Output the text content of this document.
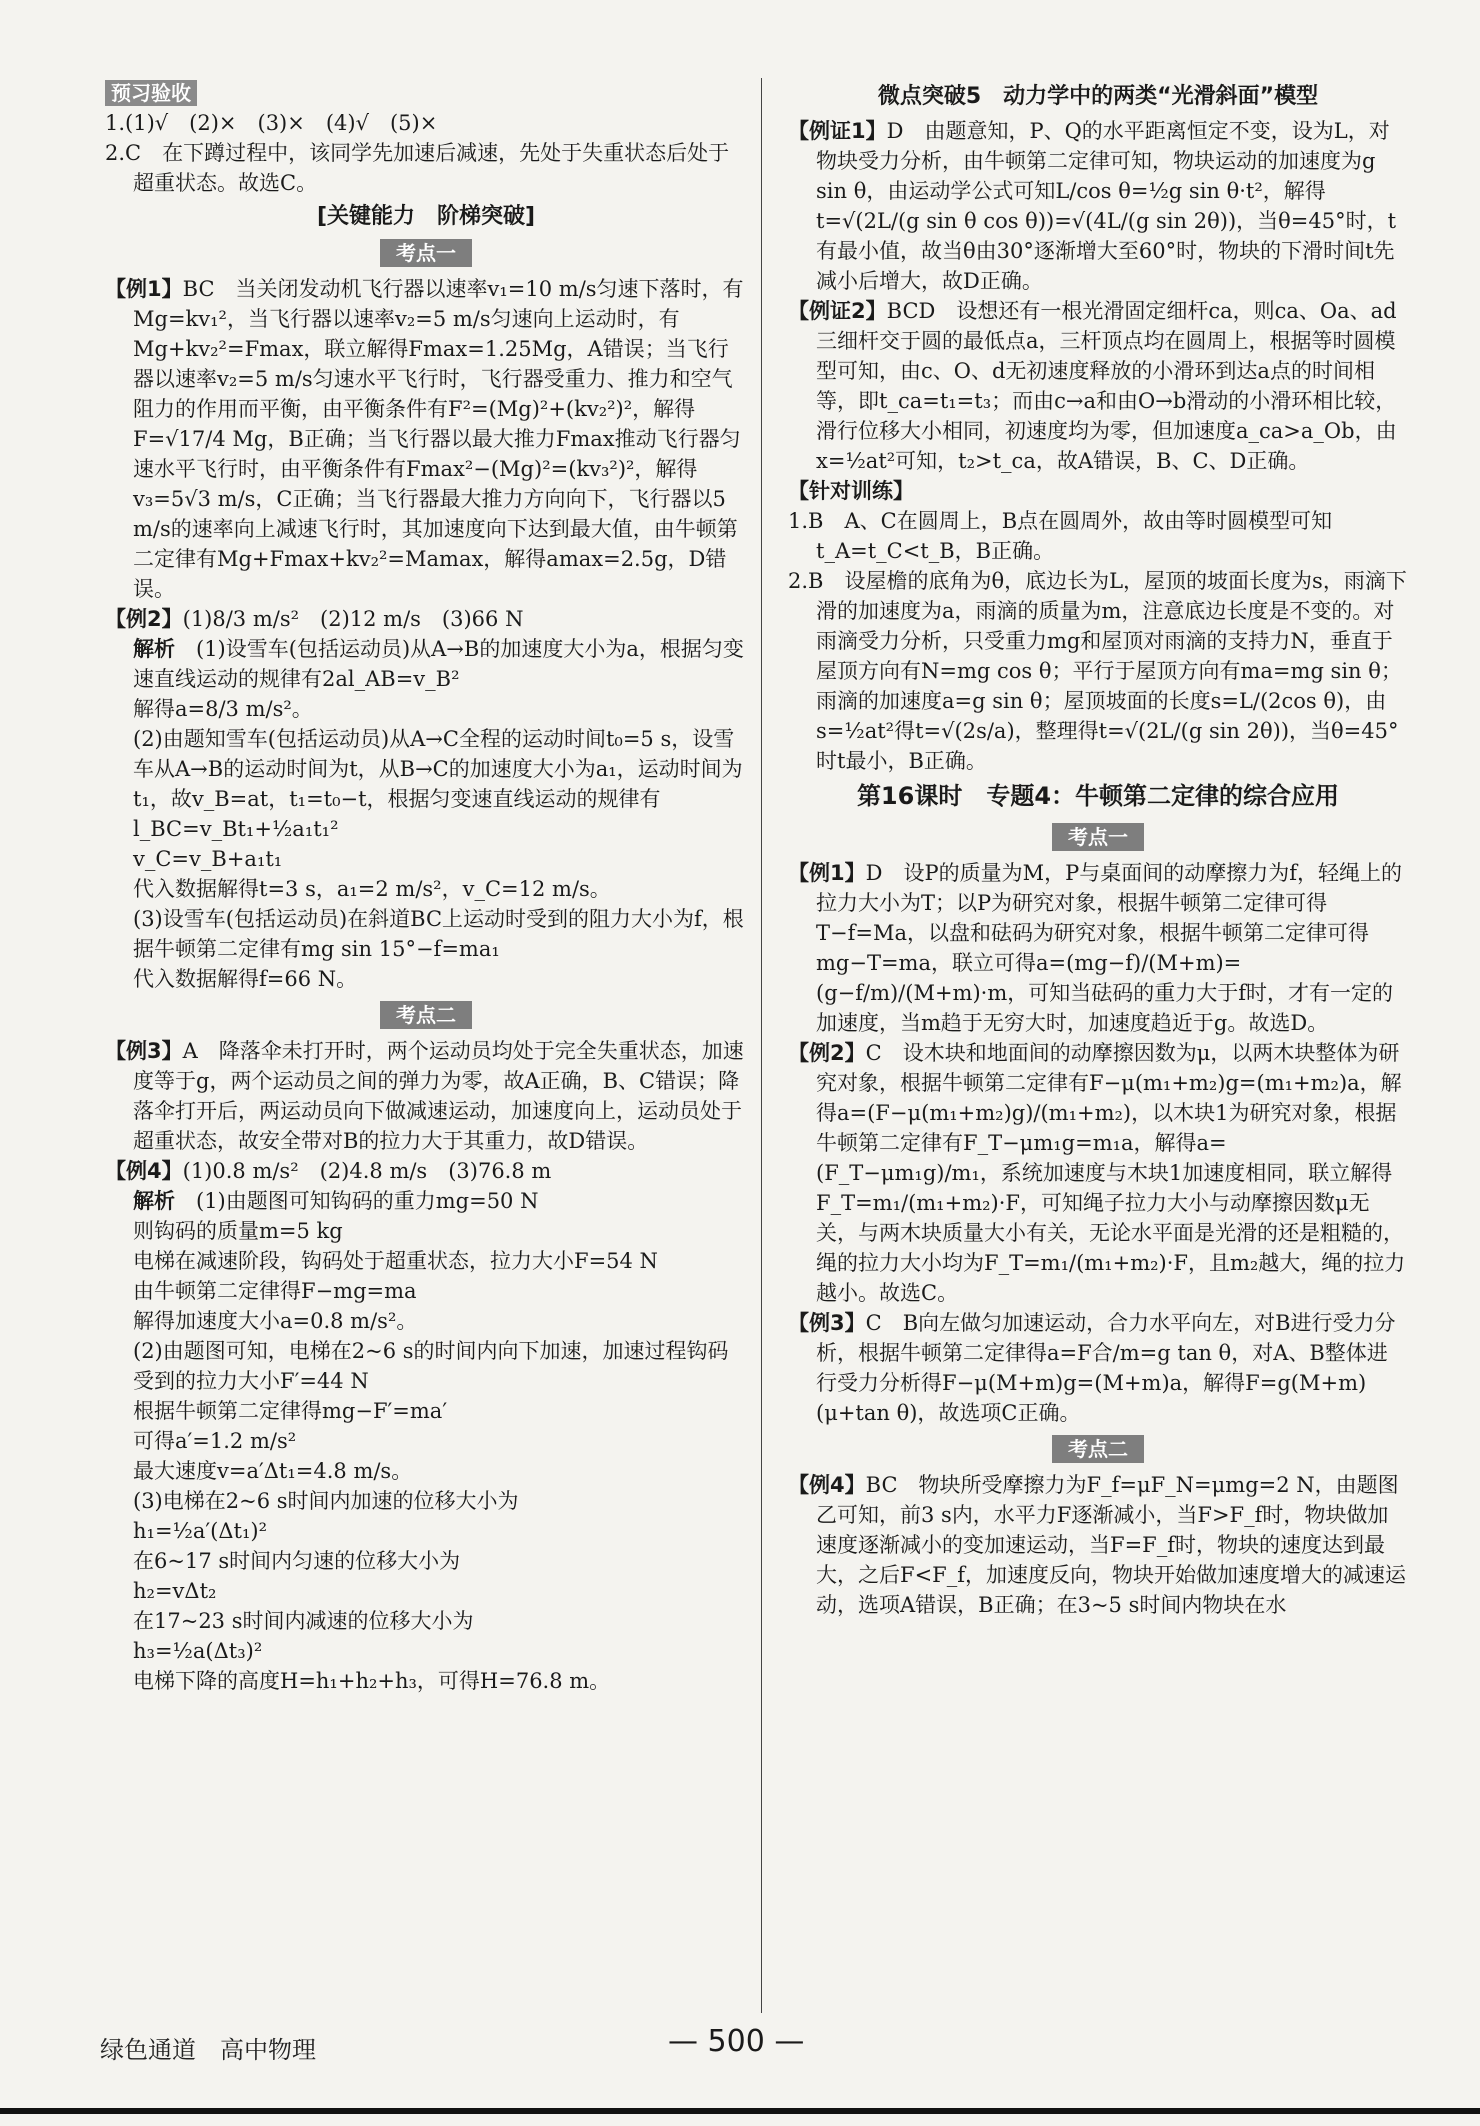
预习验收

1.(1)√　(2)×　(3)×　(4)√　(5)×

2.C　在下蹲过程中，该同学先加速后减速，先处于失重状态后处于超重状态。故选C。

[关键能力　阶梯突破]

考点一

【例1】BC　当关闭发动机飞行器以速率v₁=10 m/s匀速下落时，有Mg=kv₁²，当飞行器以速率v₂=5 m/s匀速向上运动时，有Mg+kv₂²=Fmax，联立解得Fmax=1.25Mg，A错误；当飞行器以速率v₂=5 m/s匀速水平飞行时，飞行器受重力、推力和空气阻力的作用而平衡，由平衡条件有F²=(Mg)²+(kv₂²)²，解得F=√17/4 Mg，B正确；当飞行器以最大推力Fmax推动飞行器匀速水平飞行时，由平衡条件有Fmax²−(Mg)²=(kv₃²)²，解得v₃=5√3 m/s，C正确；当飞行器最大推力方向向下，飞行器以5 m/s的速率向上减速飞行时，其加速度向下达到最大值，由牛顿第二定律有Mg+Fmax+kv₂²=Mamax，解得amax=2.5g，D错误。

【例2】(1)8/3 m/s²　(2)12 m/s　(3)66 N

解析　 (1)设雪车(包括运动员)从A→B的加速度大小为a，根据匀变速直线运动的规律有2al_AB=v_B²

解得a=8/3 m/s²。

(2)由题知雪车(包括运动员)从A→C全程的运动时间t₀=5 s，设雪车从A→B的运动时间为t，从B→C的加速度大小为a₁，运动时间为t₁，故v_B=at，t₁=t₀−t，根据匀变速直线运动的规律有

l_BC=v_Bt₁+½a₁t₁²

v_C=v_B+a₁t₁

代入数据解得t=3 s，a₁=2 m/s²，v_C=12 m/s。

(3)设雪车(包括运动员)在斜道BC上运动时受到的阻力大小为f，根据牛顿第二定律有mg sin 15°−f=ma₁

代入数据解得f=66 N。

考点二

【例3】A　降落伞未打开时，两个运动员均处于完全失重状态，加速度等于g，两个运动员之间的弹力为零，故A正确，B、C错误；降落伞打开后，两运动员向下做减速运动，加速度向上，运动员处于超重状态，故安全带对B的拉力大于其重力，故D错误。

【例4】(1)0.8 m/s²　(2)4.8 m/s　(3)76.8 m

解析　 (1)由题图可知钩码的重力mg=50 N

则钩码的质量m=5 kg

电梯在减速阶段，钩码处于超重状态，拉力大小F=54 N

由牛顿第二定律得F−mg=ma

解得加速度大小a=0.8 m/s²。

(2)由题图可知，电梯在2~6 s的时间内向下加速，加速过程钩码受到的拉力大小F′=44 N

根据牛顿第二定律得mg−F′=ma′

可得a′=1.2 m/s²

最大速度v=a′Δt₁=4.8 m/s。

(3)电梯在2~6 s时间内加速的位移大小为

h₁=½a′(Δt₁)²

在6~17 s时间内匀速的位移大小为

h₂=vΔt₂

在17~23 s时间内减速的位移大小为

h₃=½a(Δt₃)²

电梯下降的高度H=h₁+h₂+h₃，可得H=76.8 m。

微点突破5　动力学中的两类“光滑斜面”模型

【例证1】D　由题意知，P、Q的水平距离恒定不变，设为L，对物块受力分析，由牛顿第二定律可知，物块运动的加速度为g sin θ，由运动学公式可知L/cos θ=½g sin θ·t²，解得t=√(2L/(g sin θ cos θ))=√(4L/(g sin 2θ))，当θ=45°时，t有最小值，故当θ由30°逐渐增大至60°时，物块的下滑时间t先减小后增大，故D正确。

【例证2】BCD　设想还有一根光滑固定细杆ca，则ca、Oa、ad三细杆交于圆的最低点a，三杆顶点均在圆周上，根据等时圆模型可知，由c、O、d无初速度释放的小滑环到达a点的时间相等，即t_ca=t₁=t₃；而由c→a和由O→b滑动的小滑环相比较，滑行位移大小相同，初速度均为零，但加速度a_ca>a_Ob，由x=½at²可知，t₂>t_ca，故A错误，B、C、D正确。

【针对训练】

1.B　A、C在圆周上，B点在圆周外，故由等时圆模型可知t_A=t_C<t_B，B正确。

2.B　设屋檐的底角为θ，底边长为L，屋顶的坡面长度为s，雨滴下滑的加速度为a，雨滴的质量为m，注意底边长度是不变的。对雨滴受力分析，只受重力mg和屋顶对雨滴的支持力N，垂直于屋顶方向有N=mg cos θ；平行于屋顶方向有ma=mg sin θ；雨滴的加速度a=g sin θ；屋顶坡面的长度s=L/(2cos θ)，由s=½at²得t=√(2s/a)，整理得t=√(2L/(g sin 2θ))，当θ=45°时t最小，B正确。

第16课时　专题4：牛顿第二定律的综合应用

考点一

【例1】D　设P的质量为M，P与桌面间的动摩擦力为f，轻绳上的拉力大小为T；以P为研究对象，根据牛顿第二定律可得T−f=Ma，以盘和砝码为研究对象，根据牛顿第二定律可得mg−T=ma，联立可得a=(mg−f)/(M+m)=(g−f/m)/(M+m)·m，可知当砝码的重力大于f时，才有一定的加速度，当m趋于无穷大时，加速度趋近于g。故选D。

【例2】C　设木块和地面间的动摩擦因数为μ，以两木块整体为研究对象，根据牛顿第二定律有F−μ(m₁+m₂)g=(m₁+m₂)a，解得a=(F−μ(m₁+m₂)g)/(m₁+m₂)，以木块1为研究对象，根据牛顿第二定律有F_T−μm₁g=m₁a，解得a=(F_T−μm₁g)/m₁，系统加速度与木块1加速度相同，联立解得F_T=m₁/(m₁+m₂)·F，可知绳子拉力大小与动摩擦因数μ无关，与两木块质量大小有关，无论水平面是光滑的还是粗糙的，绳的拉力大小均为F_T=m₁/(m₁+m₂)·F，且m₂越大，绳的拉力越小。故选C。

【例3】C　B向左做匀加速运动，合力水平向左，对B进行受力分析，根据牛顿第二定律得a=F合/m=g tan θ，对A、B整体进行受力分析得F−μ(M+m)g=(M+m)a，解得F=g(M+m)(μ+tan θ)，故选项C正确。

考点二

【例4】BC　物块所受摩擦力为F_f=μF_N=μmg=2 N，由题图乙可知，前3 s内，水平力F逐渐减小，当F>F_f时，物块做加速度逐渐减小的变加速运动，当F=F_f时，物块的速度达到最大，之后F<F_f，加速度反向，物块开始做加速度增大的减速运动，选项A错误，B正确；在3~5 s时间内物块在水

绿色通道　高中物理	— 500 —
